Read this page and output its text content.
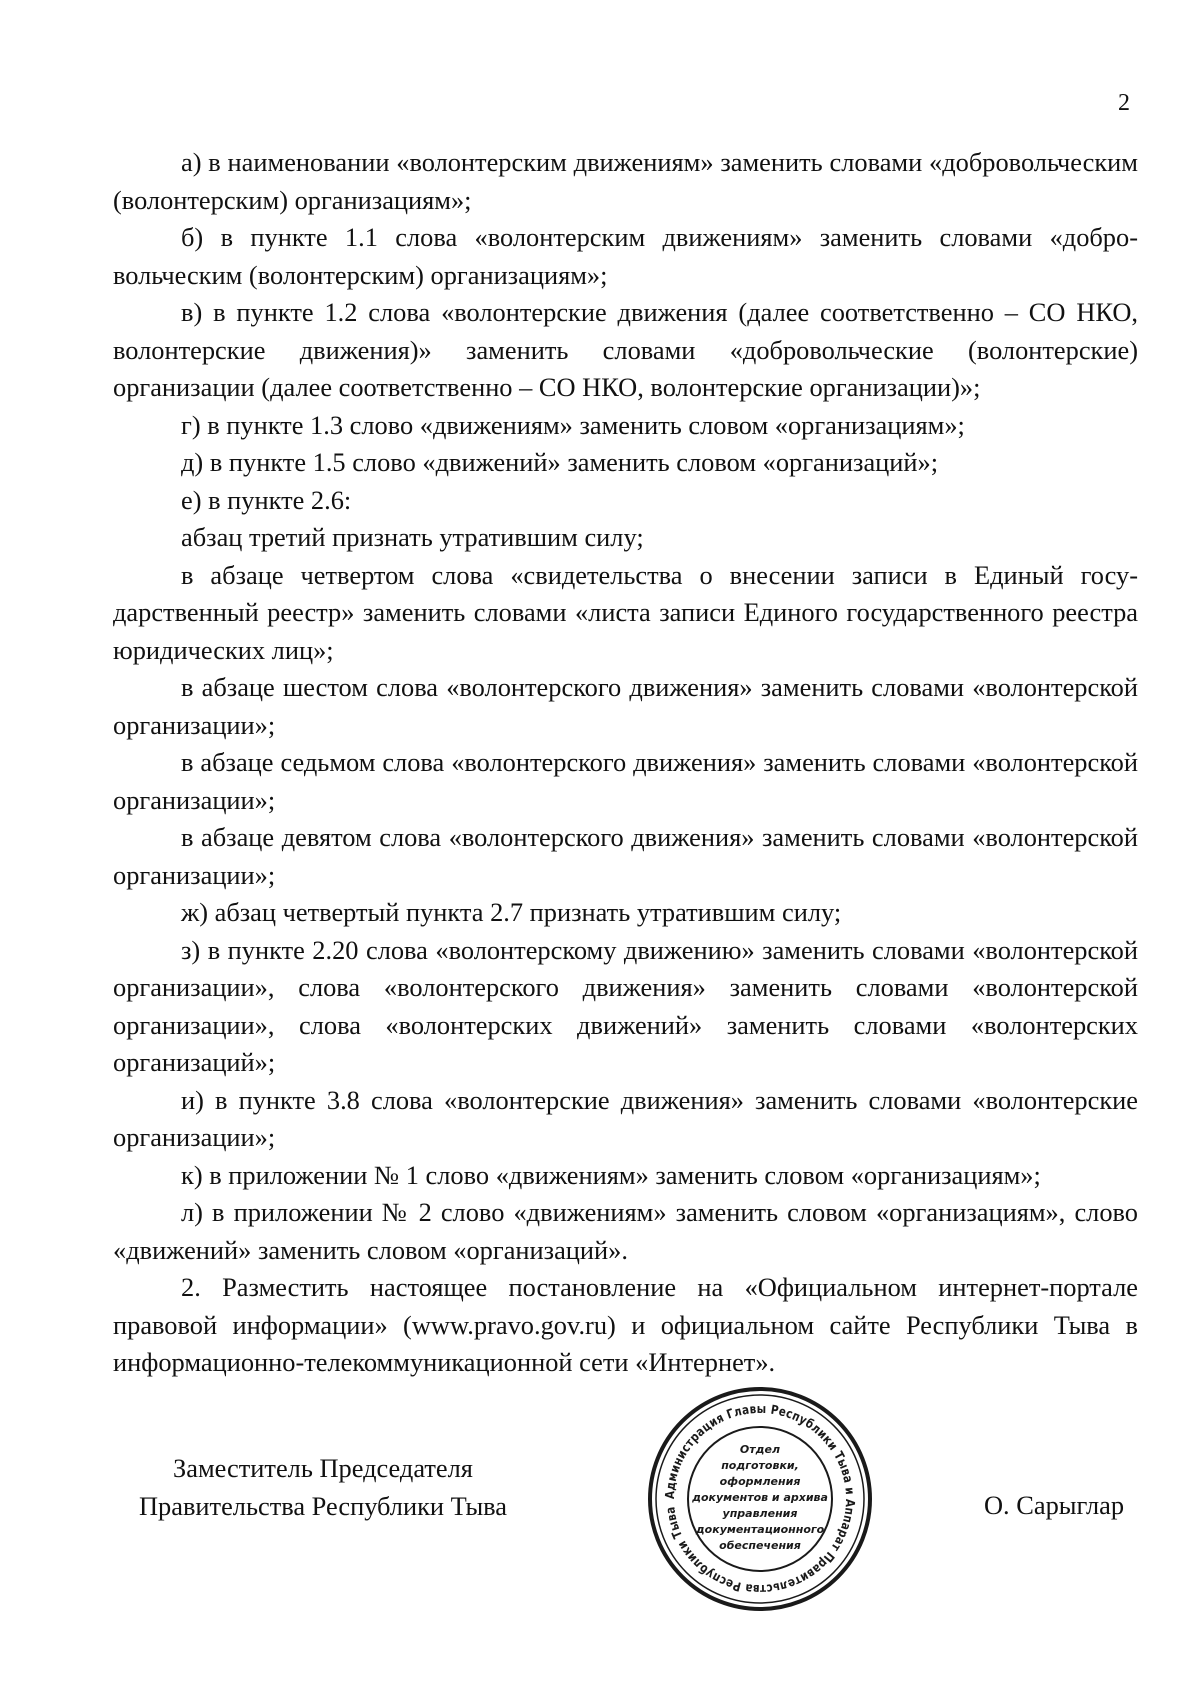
2

а) в наименовании «волонтерским движениям» заменить словами «добровольческим (волонтерским) организациям»;

б) в пункте 1.1 слова «волонтерским движениям» заменить словами «добровольческим (волонтерским) организациям»;

в) в пункте 1.2 слова «волонтерские движения (далее соответственно – СО НКО, волонтерские движения)» заменить словами «добровольческие (волонтерские) организации (далее соответственно – СО НКО, волонтерские организации)»;

г) в пункте 1.3 слово «движениям» заменить словом «организациям»;

д) в пункте 1.5 слово «движений» заменить словом «организаций»;

е) в пункте 2.6:

абзац третий признать утратившим силу;

в абзаце четвертом слова «свидетельства о внесении записи в Единый государственный реестр» заменить словами «листа записи Единого государственного реестра юридических лиц»;

в абзаце шестом слова «волонтерского движения» заменить словами «волонтерской организации»;

в абзаце седьмом слова «волонтерского движения» заменить словами «волонтерской организации»;

в абзаце девятом слова «волонтерского движения» заменить словами «волонтерской организации»;

ж) абзац четвертый пункта 2.7 признать утратившим силу;

з) в пункте 2.20 слова «волонтерскому движению» заменить словами «волонтерской организации», слова «волонтерского движения» заменить словами «волонтерской организации», слова «волонтерских движений» заменить словами «волонтерских организаций»;

и) в пункте 3.8 слова «волонтерские движения» заменить словами «волонтерские организации»;

к) в приложении № 1 слово «движениям» заменить словом «организациям»;

л) в приложении № 2 слово «движениям» заменить словом «организациям», слово «движений» заменить словом «организаций».

2. Разместить настоящее постановление на «Официальном интернет-портале правовой информации» (www.pravo.gov.ru) и официальном сайте Республики Тыва в информационно-телекоммуникационной сети «Интернет».

Заместитель Председателя
Правительства Республики Тыва	Администрация Главы Республики Тыва и Аппарат Правительства Республики Тыва
Отдел
подготовки,
оформления
документов и архива
управления
документационного
обеспечения
О. Сарыглар
